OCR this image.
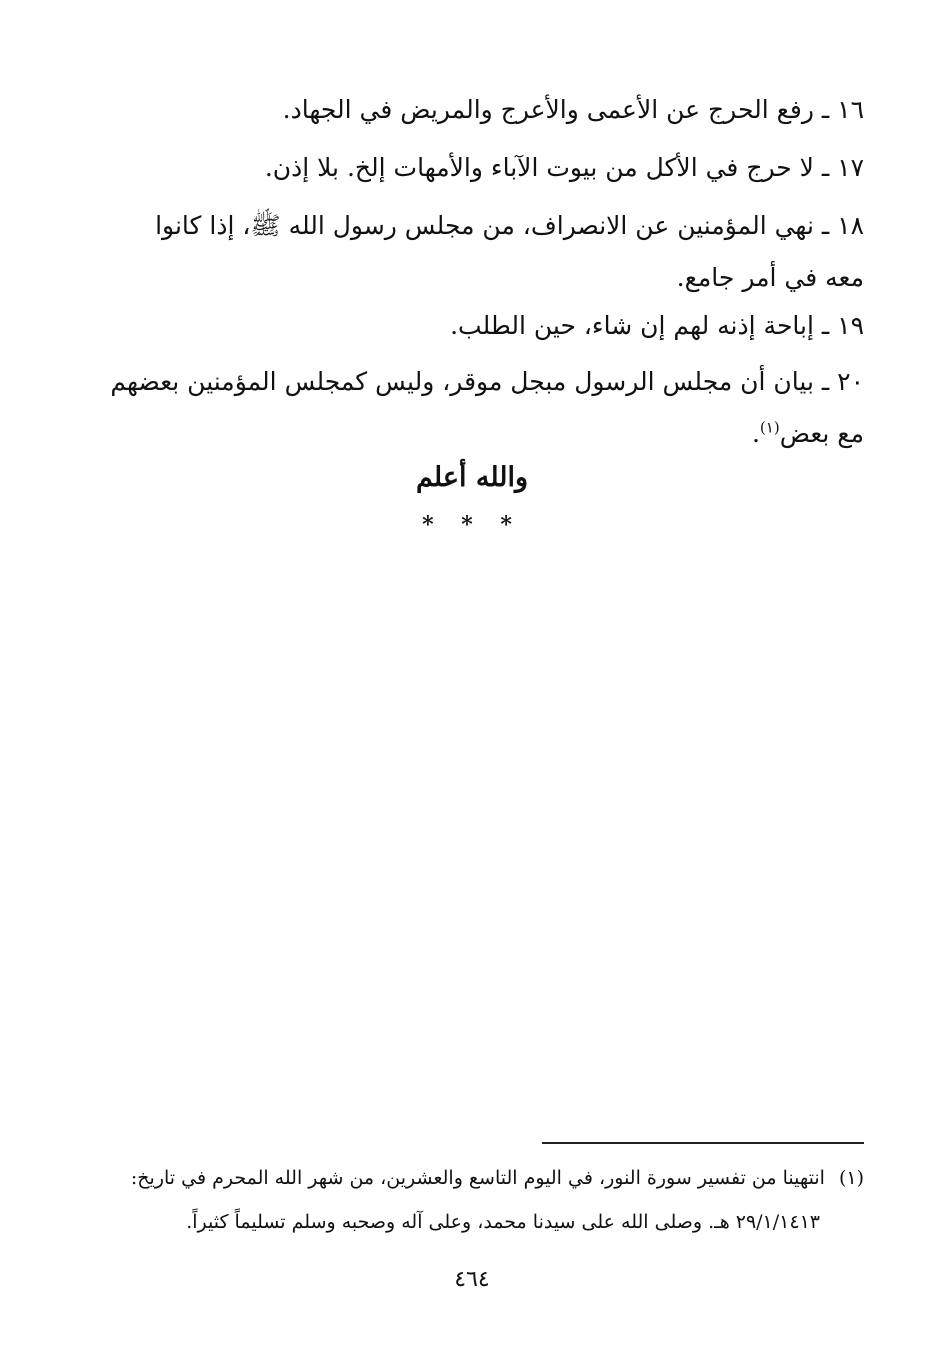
١٦ ـ رفع الحرج عن الأعمى والأعرج والمريض في الجهاد.

١٧ ـ لا حرج في الأكل من بيوت الآباء والأمهات إلخ. بلا إذن.

١٨ ـ نهي المؤمنين عن الانصراف، من مجلس رسول الله ﷺ، إذا كانوا

معه في أمر جامع.

١٩ ـ إباحة إذنه لهم إن شاء، حين الطلب.

٢٠ ـ بيان أن مجلس الرسول مبجل موقر، وليس كمجلس المؤمنين بعضهم

مع بعض$^{(١)}$.

والله أعلم
* * *

(١)انتهينا من تفسير سورة النور، في اليوم التاسع والعشرين، من شهر الله المحرم في تاريخ:

٢٩/١/١٤١٣ هـ. وصلى الله على سيدنا محمد، وعلى آله وصحبه وسلم تسليماً كثيراً.

٤٦٤
